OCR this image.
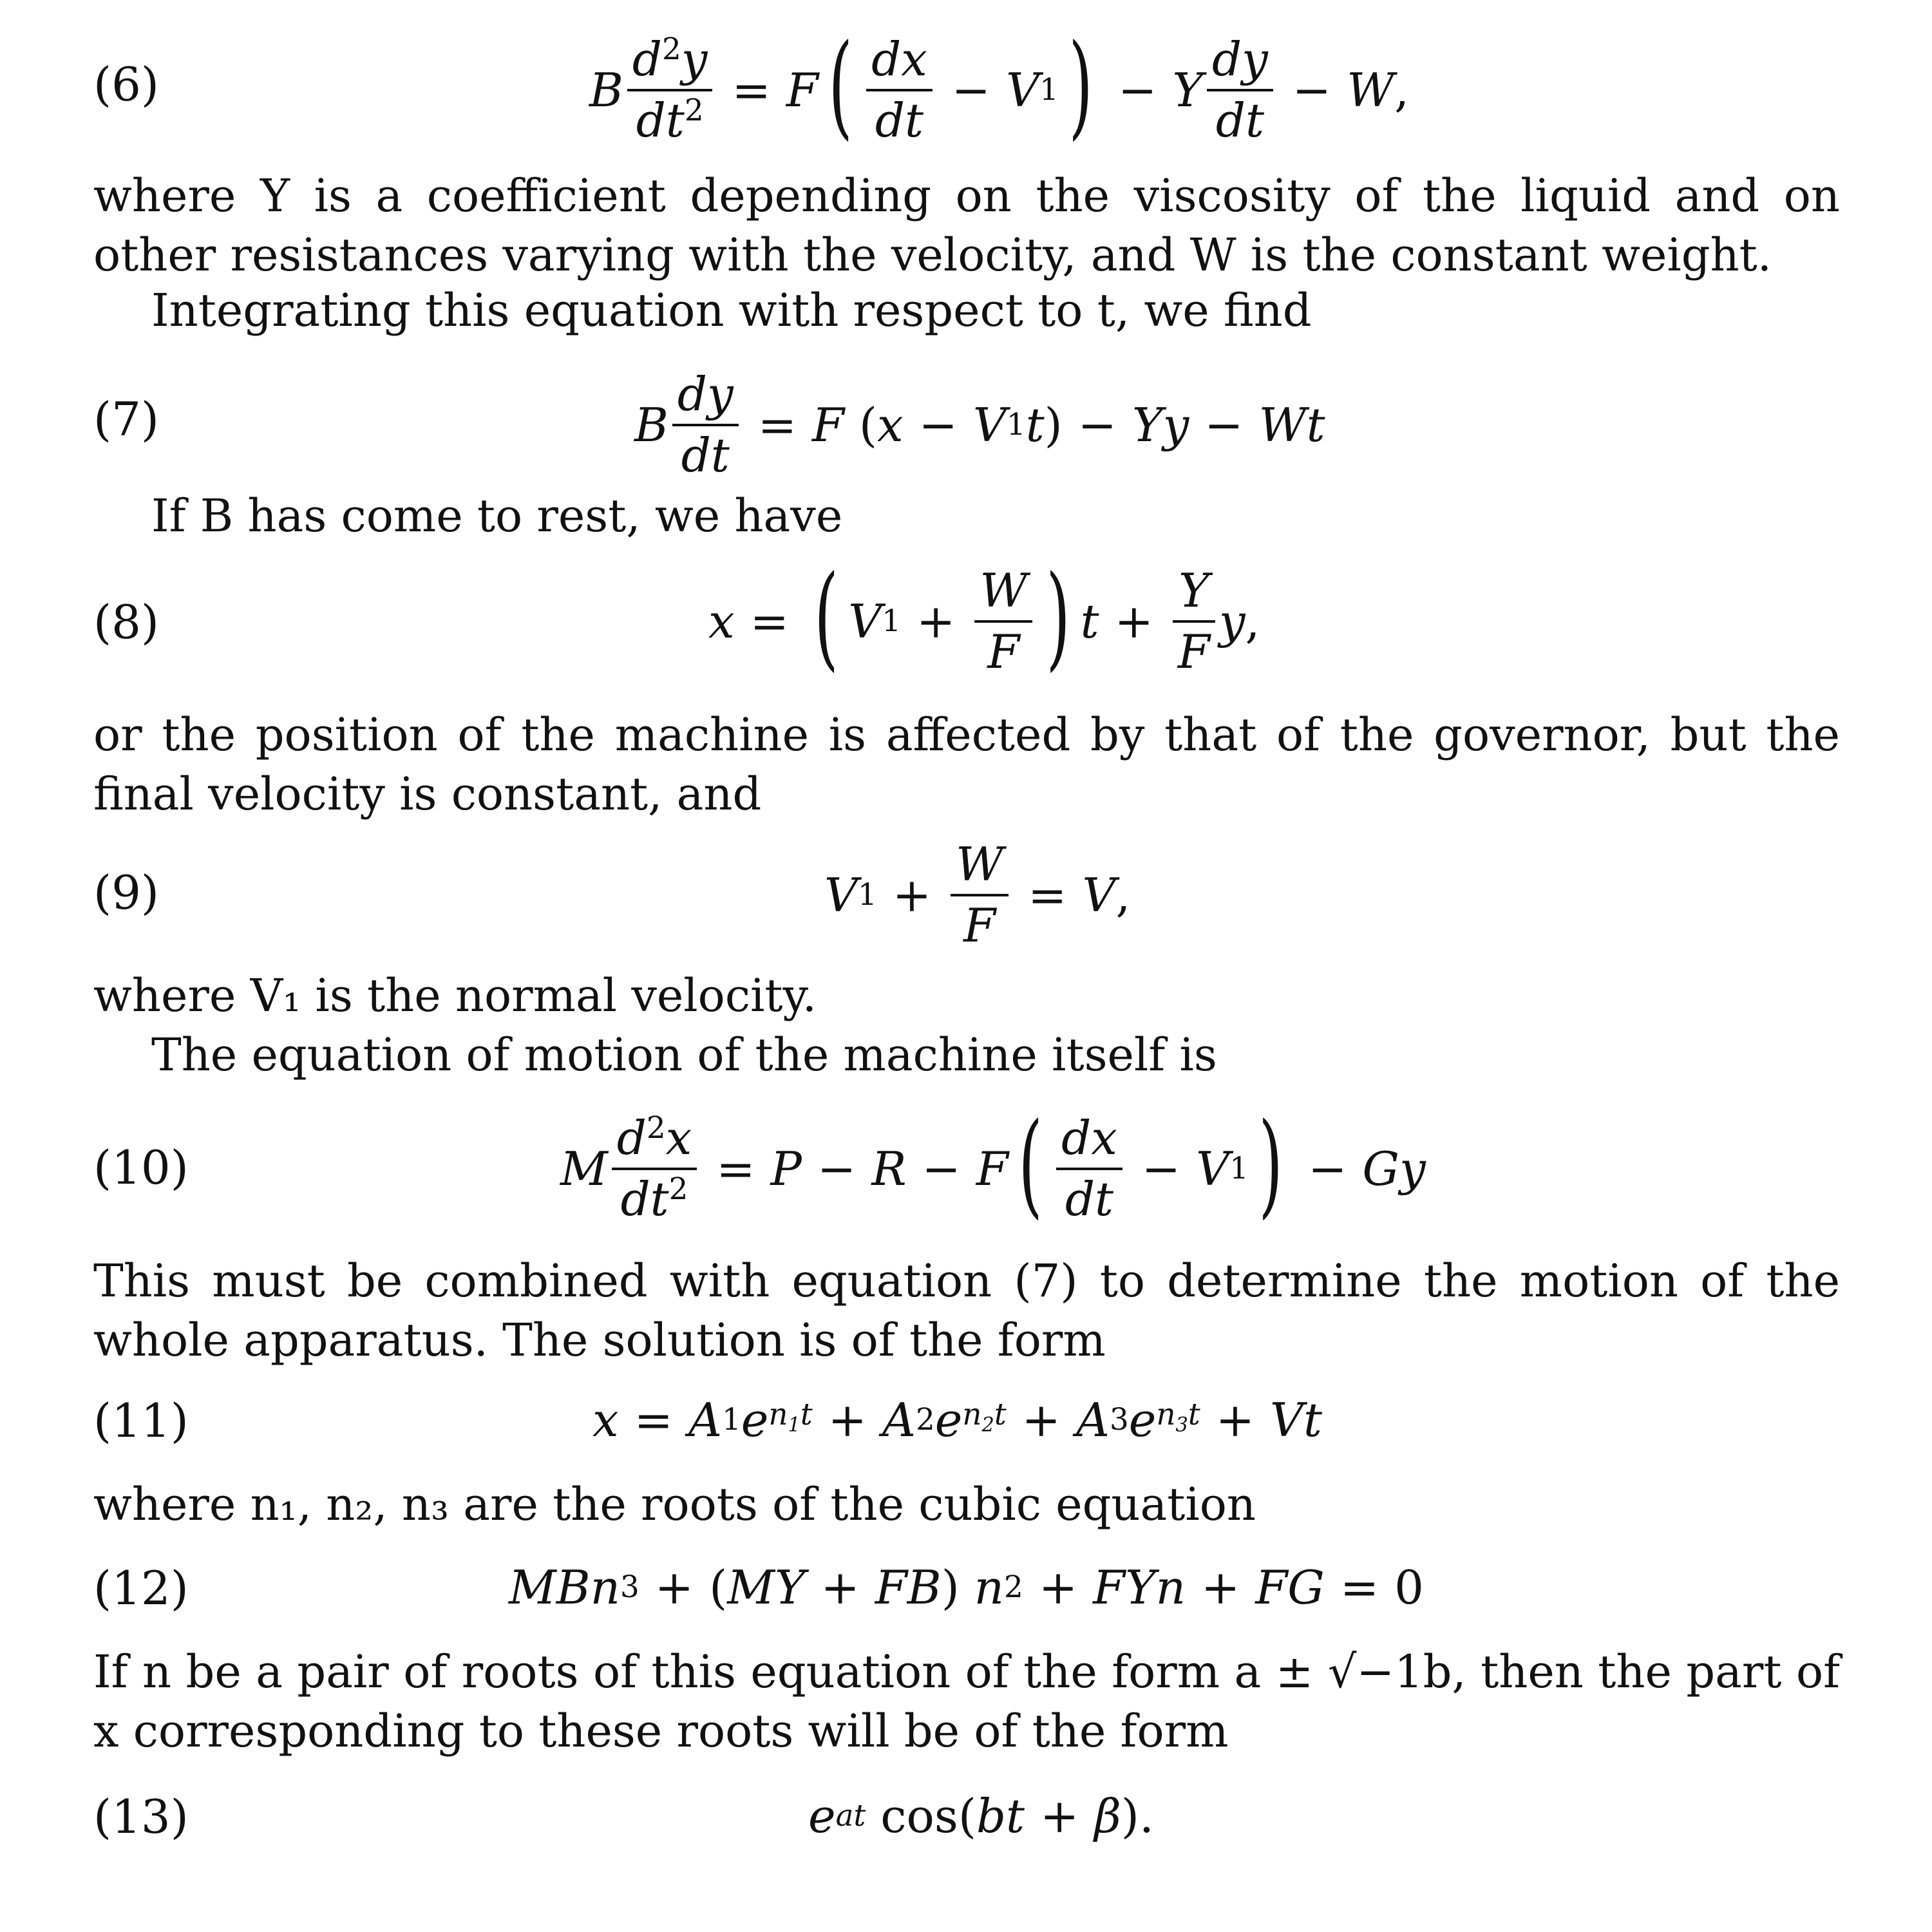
(6)	B $\frac{d^2y}{dt^2} = F$ ( $\frac{dx}{dt} - V$ 1 ) − Y $\frac{dy}{dt} - W$ ,
where Y is a coefficient depending on the viscosity of the liquid and on other resistances varying with the velocity, and W is the constant weight.
Integrating this equation with respect to t, we find
(7)	B $\frac{dy}{dt} = F$ ( x − V 1 t ) − Yy − Wt
If B has come to rest, we have
(8)	x = ( V $1 + \frac{W}{F}$ ) $t + \frac{Y}{F}$ y ,
or the position of the machine is affected by that of the governor, but the final velocity is constant, and
(9)	V $1 + \frac{W}{F} = V$ ,
where V₁ is the normal velocity.
The equation of motion of the machine itself is
(10)	M $\frac{d^2x}{dt^2} = P - R - F$ ( $\frac{dx}{dt} - V$ 1 ) − Gy
This must be combined with equation (7) to determine the motion of the whole apparatus. The solution is of the form
(11)	x = A 1 e $n_1t + A$ 2 e $n_2t + A$ 3 e $n_3t + Vt$
where n₁, n₂, n₃ are the roots of the cubic equation
(12)	MBn 3 + ( MY + FB ) n 2 + FYn + FG = 0
If n be a pair of roots of this equation of the form a ± √−1b, then the part of x corresponding to these roots will be of the form
(13)	e at cos( bt + β ).
